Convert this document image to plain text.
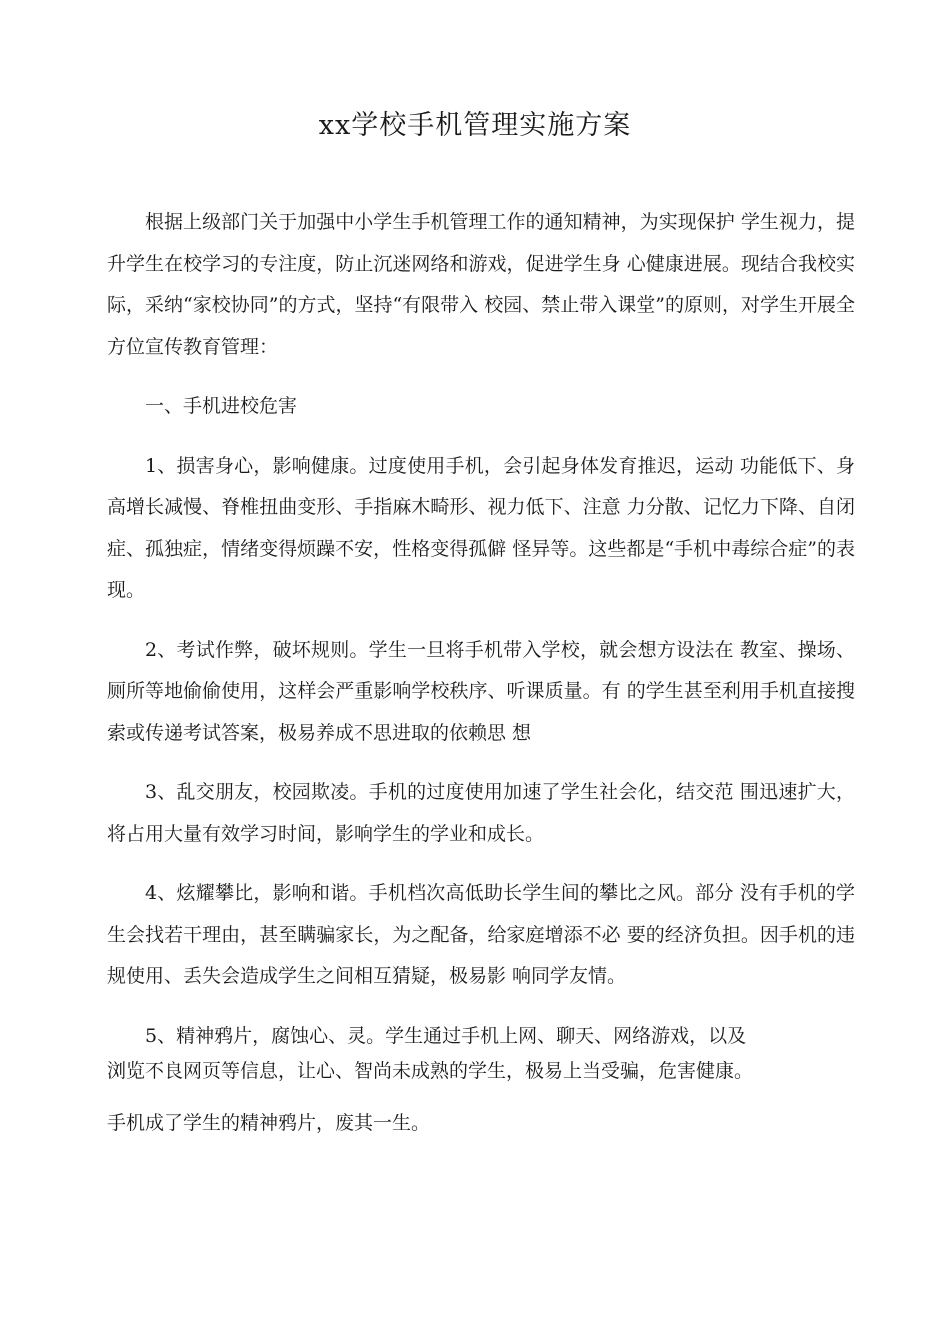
xx学校手机管理实施方案

根据上级部门关于加强中小学生手机管理工作的通知精神，为实现保护 学生视力，提升学生在校学习的专注度，防止沉迷网络和游戏，促进学生身 心健康进展。现结合我校实际，采纳“家校协同”的方式，坚持“有限带入 校园、禁止带入课堂”的原则，对学生开展全方位宣传教育管理：

一、手机进校危害

1、损害身心，影响健康。过度使用手机，会引起身体发育推迟，运动 功能低下、身高增长减慢、脊椎扭曲变形、手指麻木畸形、视力低下、注意 力分散、记忆力下降、自闭症、孤独症，情绪变得烦躁不安，性格变得孤僻 怪异等。这些都是“手机中毒综合症”的表现。

2、考试作弊，破坏规则。学生一旦将手机带入学校，就会想方设法在 教室、操场、厕所等地偷偷使用，这样会严重影响学校秩序、听课质量。有 的学生甚至利用手机直接搜索或传递考试答案，极易养成不思进取的依赖思 想

3、乱交朋友，校园欺凌。手机的过度使用加速了学生社会化，结交范 围迅速扩大，将占用大量有效学习时间，影响学生的学业和成长。

4、炫耀攀比，影响和谐。手机档次高低助长学生间的攀比之风。部分 没有手机的学生会找若干理由，甚至瞒骗家长，为之配备，给家庭增添不必 要的经济负担。因手机的违规使用、丢失会造成学生之间相互猜疑，极易影 响同学友情。

5、精神鸦片，腐蚀心、灵。学生通过手机上网、聊天、网络游戏，以及

浏览不良网页等信息，让心、智尚未成熟的学生，极易上当受骗，危害健康。

手机成了学生的精神鸦片，废其一生。
